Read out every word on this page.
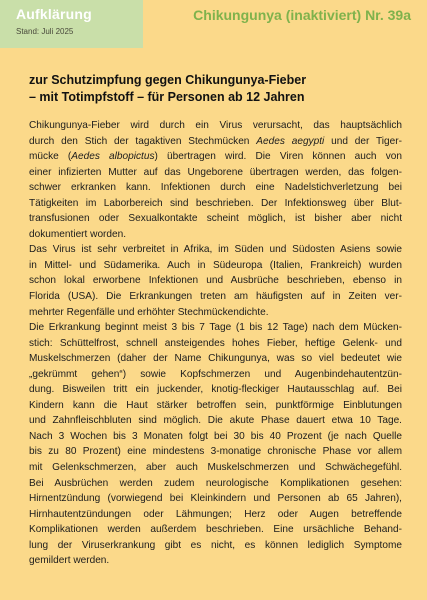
Aufklärung
Stand: Juli 2025
Chikungunya (inaktiviert) Nr. 39a
zur Schutzimpfung gegen Chikungunya-Fieber
– mit Totimpfstoff – für Personen ab 12 Jahren
Chikungunya-Fieber wird durch ein Virus verursacht, das hauptsächlich
durch den Stich der tagaktiven Stechmücken Aedes aegypti und der Tiger-
mücke (Aedes albopictus) übertragen wird. Die Viren können auch von
einer infizierten Mutter auf das Ungeborene übertragen werden, das folgen-
schwer erkranken kann. Infektionen durch eine Nadelstichverletzung bei
Tätigkeiten im Laborbereich sind beschrieben. Der Infektionsweg über Blut-
transfusionen oder Sexualkontakte scheint möglich, ist bisher aber nicht
dokumentiert worden.
Das Virus ist sehr verbreitet in Afrika, im Süden und Südosten Asiens sowie
in Mittel- und Südamerika. Auch in Südeuropa (Italien, Frankreich) wurden
schon lokal erworbene Infektionen und Ausbrüche beschrieben, ebenso in
Florida (USA). Die Erkrankungen treten am häufigsten auf in Zeiten ver-
mehrter Regenfälle und erhöhter Stechmückendichte.
Die Erkrankung beginnt meist 3 bis 7 Tage (1 bis 12 Tage) nach dem Mücken-
stich: Schüttelfrost, schnell ansteigendes hohes Fieber, heftige Gelenk- und
Muskelschmerzen (daher der Name Chikungunya, was so viel bedeutet wie
„gekrümmt gehen“) sowie Kopfschmerzen und Augenbindehautentzün-
dung. Bisweilen tritt ein juckender, knotig-fleckiger Hautausschlag auf. Bei
Kindern kann die Haut stärker betroffen sein, punktförmige Einblutungen
und Zahnfleischbluten sind möglich. Die akute Phase dauert etwa 10 Tage.
Nach 3 Wochen bis 3 Monaten folgt bei 30 bis 40 Prozent (je nach Quelle
bis zu 80 Prozent) eine mindestens 3-monatige chronische Phase vor allem
mit Gelenkschmerzen, aber auch Muskelschmerzen und Schwächegefühl.
Bei Ausbrüchen werden zudem neurologische Komplikationen gesehen:
Hirnentzündung (vorwiegend bei Kleinkindern und Personen ab 65 Jahren),
Hirnhautentzündungen oder Lähmungen; Herz oder Augen betreffende
Komplikationen werden außerdem beschrieben. Eine ursächliche Behand-
lung der Viruserkrankung gibt es nicht, es können lediglich Symptome
gemildert werden.
